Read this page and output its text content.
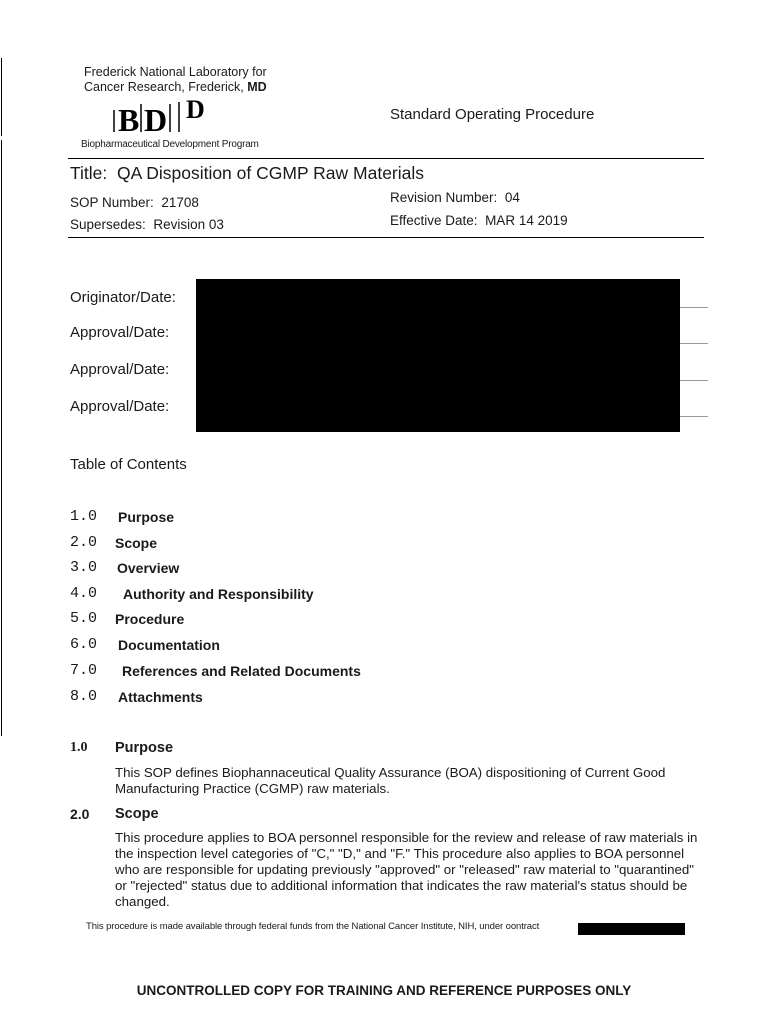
Frederick National Laboratory for
Cancer Research, Frederick, MD
B D D
Biopharmaceutical Development Program
Standard Operating Procedure
Title: QA Disposition of CGMP Raw Materials
SOP Number: 21708	Revision Number: 04
Supersedes: Revision 03	Effective Date: MAR 14 2019
Originator/Date:
Approval/Date:
Approval/Date:
Approval/Date:
Table of Contents
1.0 Purpose
2.0 Scope
3.0 Overview
4.0 Authority and Responsibility
5.0 Procedure
6.0 Documentation
7.0 References and Related Documents
8.0 Attachments
1.0 Purpose
This SOP defines Biophannaceutical Quality Assurance (BOA) dispositioning of Current Good Manufacturing Practice (CGMP) raw materials.
2.0 Scope
This procedure applies to BOA personnel responsible for the review and release of raw materials in the inspection level categories of "C," "D," and "F." This procedure also applies to BOA personnel who are responsible for updating previously "approved" or "released" raw material to "quarantined" or "rejected" status due to additional information that indicates the raw material's status should be changed.
This procedure is made available through federal funds from the National Cancer Institute, NIH, under oontract
UNCONTROLLED COPY FOR TRAINING AND REFERENCE PURPOSES ONLY
